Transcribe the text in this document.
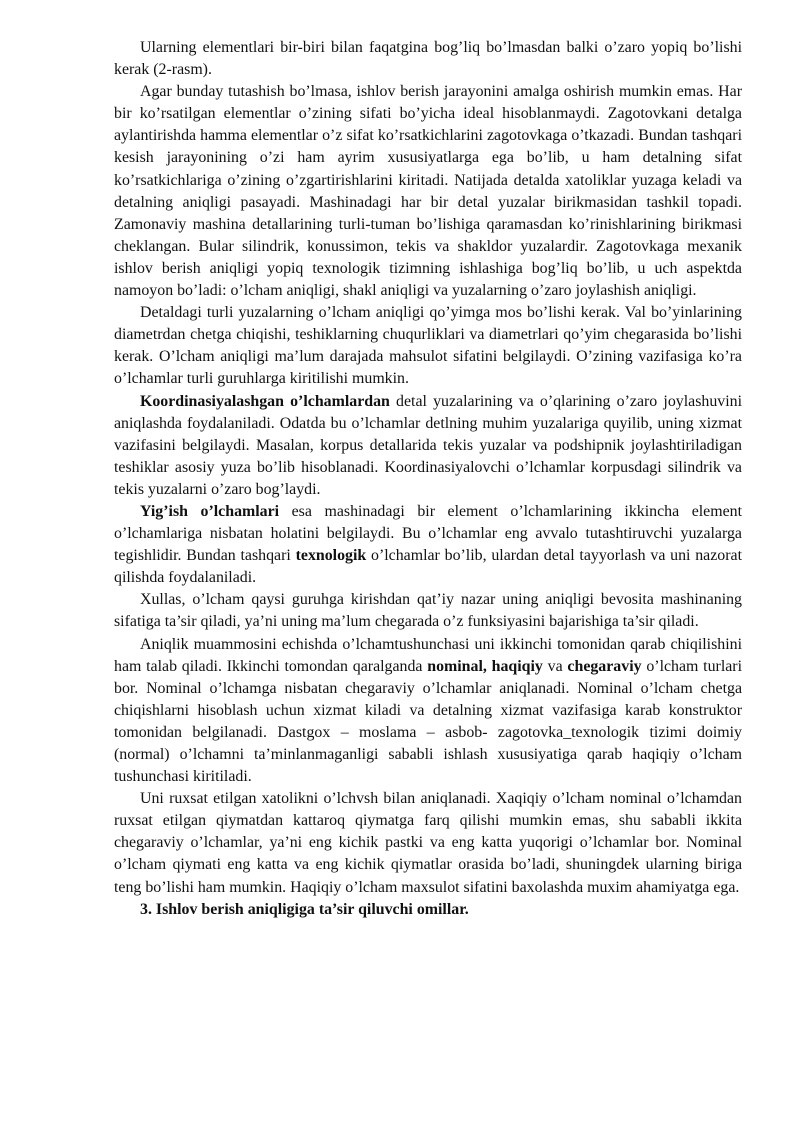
Ularning elementlari bir-biri bilan faqatgina bog’liq bo’lmasdan balki o’zaro yopiq bo’lishi kerak (2-rasm).

Agar bunday tutashish bo’lmasa, ishlov berish jarayonini amalga oshirish mumkin emas. Har bir ko’rsatilgan elementlar o’zining sifati bo’yicha ideal hisoblanmaydi. Zagotovkani detalga aylantirishda hamma elementlar o’z sifat ko’rsatkichlarini zagotovkaga o’tkazadi. Bundan tashqari kesish jarayonining o’zi ham ayrim xususiyatlarga ega bo’lib, u ham detalning sifat ko’rsatkichlariga o’zining o’zgartirishlarini kiritadi. Natijada detalda xatoliklar yuzaga keladi va detalning aniqligi pasayadi. Mashinadagi har bir detal yuzalar birikmasidan tashkil topadi. Zamonaviy mashina detallarining turli-tuman bo’lishiga qaramasdan ko’rinishlarining birikmasi cheklangan. Bular silindrik, konussimon, tekis va shakldor yuzalardir. Zagotovkaga mexanik ishlov berish aniqligi yopiq texnologik tizimning ishlashiga bog’liq bo’lib, u uch aspektda namoyon bo’ladi: o’lcham aniqligi, shakl aniqligi va yuzalarning o’zaro joylashish aniqligi.

Detaldagi turli yuzalarning o’lcham aniqligi qo’yimga mos bo’lishi kerak. Val bo’yinlarining diametrdan chetga chiqishi, teshiklarning chuqurliklari va diametrlari qo’yim chegarasida bo’lishi kerak. O’lcham aniqligi ma’lum darajada mahsulot sifatini belgilaydi. O’zining vazifasiga ko’ra o’lchamlar turli guruhlarga kiritilishi mumkin.

Koordinasiyalashgan o’lchamlardan detal yuzalarining va o’qlarining o’zaro joylashuvini aniqlashda foydalaniladi. Odatda bu o’lchamlar detlning muhim yuzalariga quyilib, uning xizmat vazifasini belgilaydi. Masalan, korpus detallarida tekis yuzalar va podshipnik joylashtiriladigan teshiklar asosiy yuza bo’lib hisoblanadi. Koordinasiyalovchi o’lchamlar korpusdagi silindrik va tekis yuzalarni o’zaro bog’laydi.

Yig’ish o’lchamlari esa mashinadagi bir element o’lchamlarining ikkincha element o’lchamlariga nisbatan holatini belgilaydi. Bu o’lchamlar eng avvalo tutashtiruvchi yuzalarga tegishlidir. Bundan tashqari texnologik o’lchamlar bo’lib, ulardan detal tayyorlash va uni nazorat qilishda foydalaniladi.

Xullas, o’lcham qaysi guruhga kirishdan qat’iy nazar uning aniqligi bevosita mashinaning sifatiga ta’sir qiladi, ya’ni uning ma’lum chegarada o’z funksiyasini bajarishiga ta’sir qiladi.

Aniqlik muammosini echishda o’lchamtushunchasi uni ikkinchi tomonidan qarab chiqilishini ham talab qiladi. Ikkinchi tomondan qaralganda nominal, haqiqiy va chegaraviy o’lcham turlari bor. Nominal o’lchamga nisbatan chegaraviy o’lchamlar aniqlanadi. Nominal o’lcham chetga chiqishlarni hisoblash uchun xizmat kiladi va detalning xizmat vazifasiga karab konstruktor tomonidan belgilanadi. Dastgox – moslama – asbob- zagotovka_texnologik tizimi doimiy (normal) o’lchamni ta’minlanmaganligi sababli ishlash xususiyatiga qarab haqiqiy o’lcham tushunchasi kiritiladi.

Uni ruxsat etilgan xatolikni o’lchvsh bilan aniqlanadi. Xaqiqiy o’lcham nominal o’lchamdan ruxsat etilgan qiymatdan kattaroq qiymatga farq qilishi mumkin emas, shu sababli ikkita chegaraviy o’lchamlar, ya’ni eng kichik pastki va eng katta yuqorigi o’lchamlar bor. Nominal o’lcham qiymati eng katta va eng kichik qiymatlar orasida bo’ladi, shuningdek ularning biriga teng bo’lishi ham mumkin. Haqiqiy o’lcham maxsulot sifatini baxolashda muxim ahamiyatga ega.

3. Ishlov berish aniqligiga ta’sir qiluvchi omillar.
